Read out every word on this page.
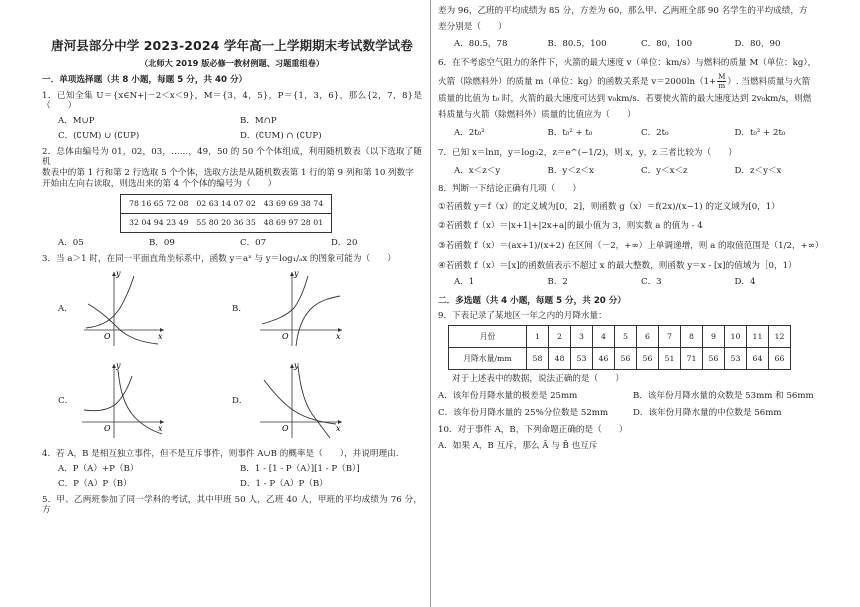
唐河县部分中学 2023-2024 学年高一上学期期末考试数学试卷
（北师大 2019 版必修一教材例题、习题重组卷）
一．单项选择题（共 8 小题，每题 5 分，共 40 分）
1．已知全集 U＝{x∈N+|－2＜x＜9}，M＝{3，4，5}，P＝{1，3，6}，那么{2，7，8}是（　　）
A．M∪P	B．M∩P
C．(∁UM) ∪ (∁UP)	D．(∁UM) ∩ (∁UP)
2．总体由编号为 01，02，03，……，49，50 的 50 个个体组成，利用随机数表（以下选取了随机
数表中的第 1 行和第 2 行选取 5 个个体，选取方法是从随机数表第 1 行的第 9 列和第 10 列数字
开始由左向右读取，则选出来的第 4 个个体的编号为（　　）
78 16 65 72 08　02 63 14 07 02　43 69 69 38 74
32 04 94 23 49　55 80 20 36 35　48 69 97 28 01
A．05	B．09	C．07	D．20
3．当 a＞1 时，在同一平面直角坐标系中，函数 y＝aˣ 与 y＝log₁/ₐx 的图象可能为（　　）
A．
y
x
O
B．
y
x
O
C．
y
x
O
D．
y
x
O
4．若 A，B 是相互独立事件，但不是互斥事件，则事件 A∪B 的概率是（　　），并说明理由.
A．P（A）+P（B）	B．1 - [1 - P（A）][1 - P（B）]
C．P（A）P（B）	D．1 - P（A）P（B）
5．甲、乙两班参加了同一学科的考试，其中甲班 50 人，乙班 40 人，甲班的平均成绩为 76 分，方
差为 96，乙班的平均成绩为 85 分，方差为 60，那么甲、乙两班全部 90 名学生的平均成绩，方
差分别是（　　）
A．80.5，78	B．80.5，100	C．80，100	D．80，90
6．在不考虑空气阻力的条件下，火箭的最大速度 v（单位：km/s）与燃料的质量 M（单位：kg），
火箭（除燃料外）的质量 m（单位：kg）的函数关系是 $v=2000\ln(1+ \frac{M}{m}$ ）. 当燃料质量与火箭
质量的比值为 t₀ 时，火箭的最大速度可达到 v₀km/s．若要使火箭的最大速度达到 2v₀km/s，则燃
料质量与火箭（除燃料外）质量的比值应为（　　）
A．2t₀²	B．t₀² + t₀	C．2t₀	D．t₀² + 2t₀
7．已知 x＝lnπ，y＝log₃2，z＝e^(−1/2)，则 x，y，z 三者比较为（　　）
A．x＜z＜y	B．y＜z＜x	C．y＜x＜z	D．z＜y＜x
8．判断一下结论正确有几项（　　）
① 若函数 y＝f（x）的定义域为[0，2]，则函数 g（x）＝f(2x)/(x−1) 的定义域为[0，1）
② 若函数 f（x）＝|x+1|+|2x+a|的最小值为 3，则实数 a 的值为 - 4
③ 若函数 f（x）＝(ax+1)/(x+2) 在区间（－2，+∞）上单调递增，则 a 的取值范围是（1/2，+∞）
④ 若函数 f（x）＝[x]的函数值表示不超过 x 的最大整数，则函数 y＝x - [x]的值域为［0，1）
A．1	B．2	C．3	D．4
二．多选题（共 4 小题，每题 5 分，共 20 分）
9．下表记录了某地区一年之内的月降水量：
月份	1	2	3	4	5	6	7	8	9	10	11	12
月降水量/mm	58	48	53	46	56	56	51	71	56	53	64	66
对于上述表中的数据，说法正确的是（　　）
A．该年份月降水量的极差是 25mm	B．该年份月降水量的众数是 53mm 和 56mm
C．该年份月降水量的 25%分位数是 52mm	D．该年份月降水量的中位数是 56mm
10．对于事件 A，B，下列命题正确的是（　　）
A．如果 A，B 互斥，那么 Ā 与 B̄ 也互斥
